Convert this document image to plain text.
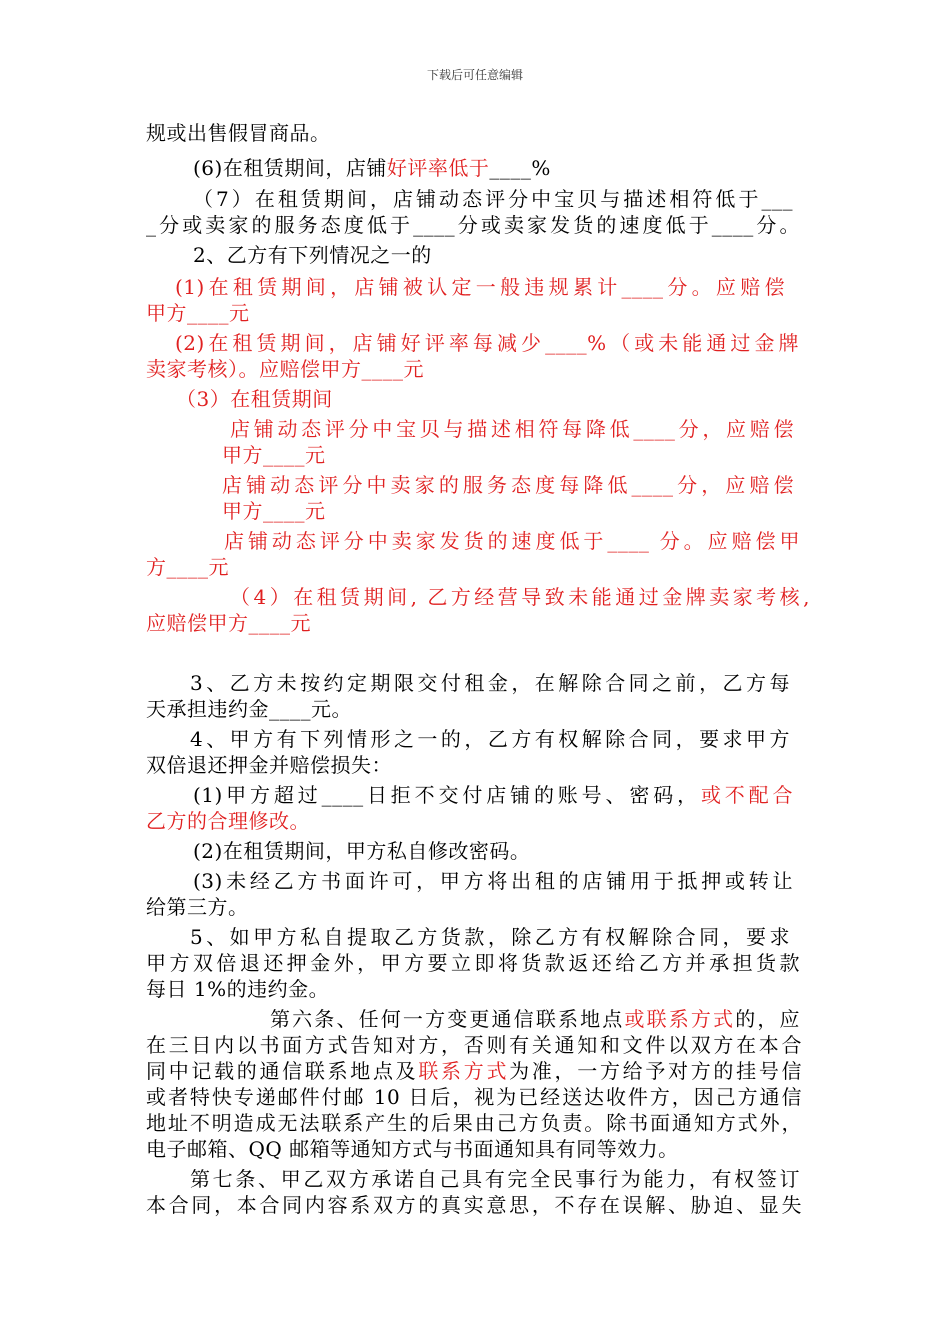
下载后可任意编辑
规或出售假冒商品。
(6)在租赁期间，店铺好评率低于____%
（7）在租赁期间，店铺动态评分中宝贝与描述相符低于___
_分或卖家的服务态度低于____分或卖家发货的速度低于____分。
2、乙方有下列情况之一的
(1)在租赁期间，店铺被认定一般违规累计____分。应赔偿
甲方____元
(2)在租赁期间，店铺好评率每减少____%（或未能通过金牌
卖家考核）。应赔偿甲方____元
（3）在租赁期间
店铺动态评分中宝贝与描述相符每降低____分，应赔偿
甲方____元
店铺动态评分中卖家的服务态度每降低____分，应赔偿
甲方____元
店铺动态评分中卖家发货的速度低于____ 分。应赔偿甲
方____元
（4）在租赁期间, 乙方经营导致未能通过金牌卖家考核,
应赔偿甲方____元
3、乙方未按约定期限交付租金，在解除合同之前，乙方每
天承担违约金____元。
4、甲方有下列情形之一的，乙方有权解除合同，要求甲方
双倍退还押金并赔偿损失：
(1)甲方超过____日拒不交付店铺的账号、密码，或不配合
乙方的合理修改。
(2)在租赁期间，甲方私自修改密码。
(3)未经乙方书面许可，甲方将出租的店铺用于抵押或转让
给第三方。
5、如甲方私自提取乙方货款，除乙方有权解除合同，要求
甲方双倍退还押金外，甲方要立即将货款返还给乙方并承担货款
每日 1%的违约金。
第六条、任何一方变更通信联系地点或联系方式的，应
在三日内以书面方式告知对方，否则有关通知和文件以双方在本合
同中记载的通信联系地点及联系方式为准，一方给予对方的挂号信
或者特快专递邮件付邮 10 日后，视为已经送达收件方，因己方通信
地址不明造成无法联系产生的后果由己方负责。除书面通知方式外，
电子邮箱、QQ 邮箱等通知方式与书面通知具有同等效力。
第七条、甲乙双方承诺自己具有完全民事行为能力，有权签订
本合同，本合同内容系双方的真实意思，不存在误解、胁迫、显失
